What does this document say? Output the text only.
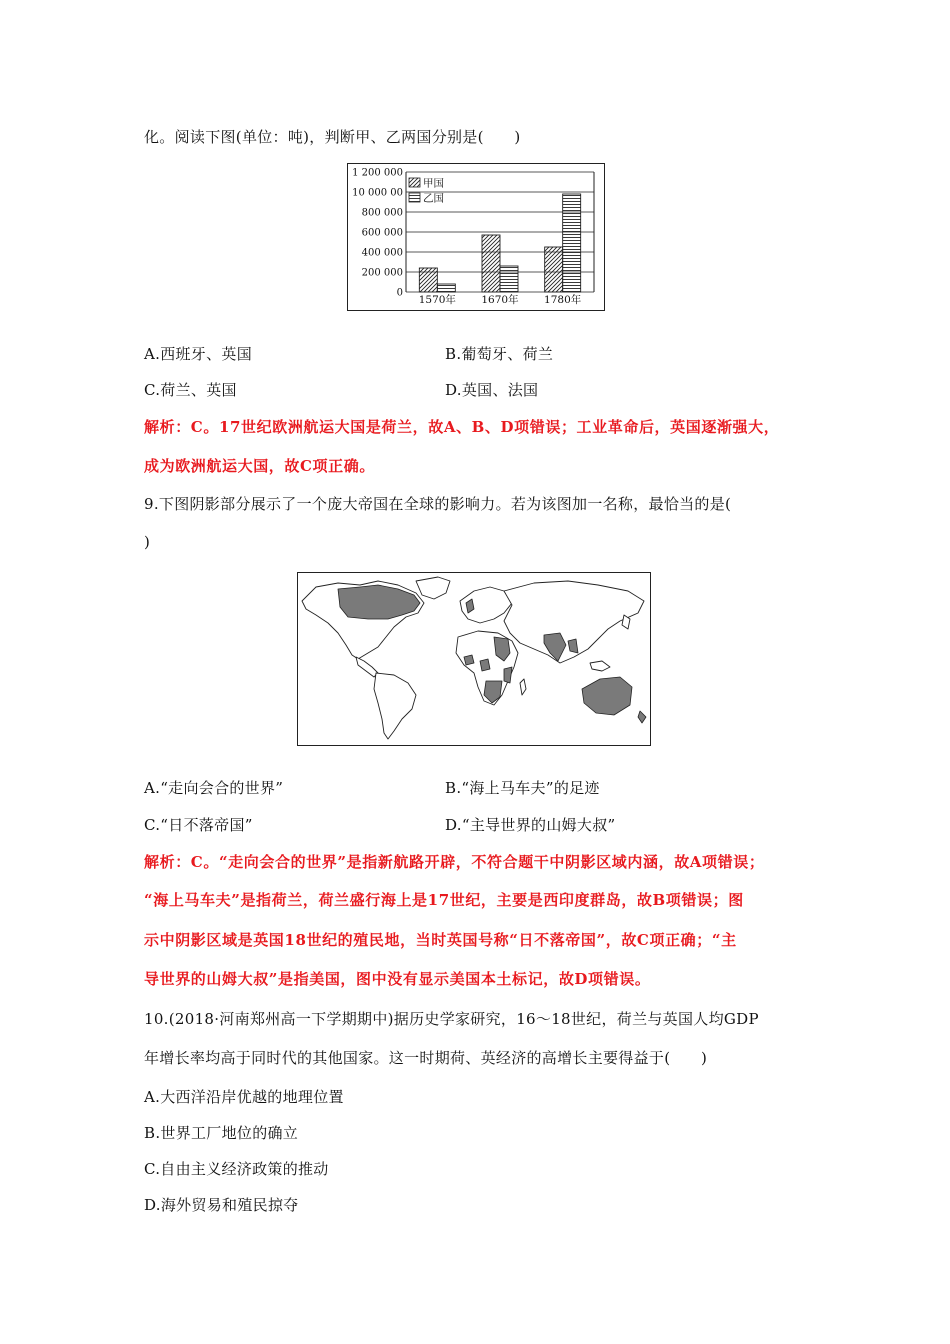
化。阅读下图(单位：吨)，判断甲、乙两国分别是(　　)
0
200 000
400 000
600 000
800 000
10 000 00
1 200 000
1570年 1670年 1780年
甲国
乙国
A.西班牙、英国	B.葡萄牙、荷兰
C.荷兰、英国	D.英国、法国
解析：C。17世纪欧洲航运大国是荷兰，故A、B、D项错误；工业革命后，英国逐渐强大，
成为欧洲航运大国，故C项正确。
9.下图阴影部分展示了一个庞大帝国在全球的影响力。若为该图加一名称，最恰当的是(
)
A.“走向会合的世界”	B.“海上马车夫”的足迹
C.“日不落帝国”	D.“主导世界的山姆大叔”
解析：C。“走向会合的世界”是指新航路开辟，不符合题干中阴影区域内涵，故A项错误；
“海上马车夫”是指荷兰，荷兰盛行海上是17世纪，主要是西印度群岛，故B项错误；图
示中阴影区域是英国18世纪的殖民地，当时英国号称“日不落帝国”，故C项正确；“主
导世界的山姆大叔”是指美国，图中没有显示美国本土标记，故D项错误。
10.(2018·河南郑州高一下学期期中)据历史学家研究，16～18世纪，荷兰与英国人均GDP
年增长率均高于同时代的其他国家。这一时期荷、英经济的高增长主要得益于(　　)
A.大西洋沿岸优越的地理位置
B.世界工厂地位的确立
C.自由主义经济政策的推动
D.海外贸易和殖民掠夺
